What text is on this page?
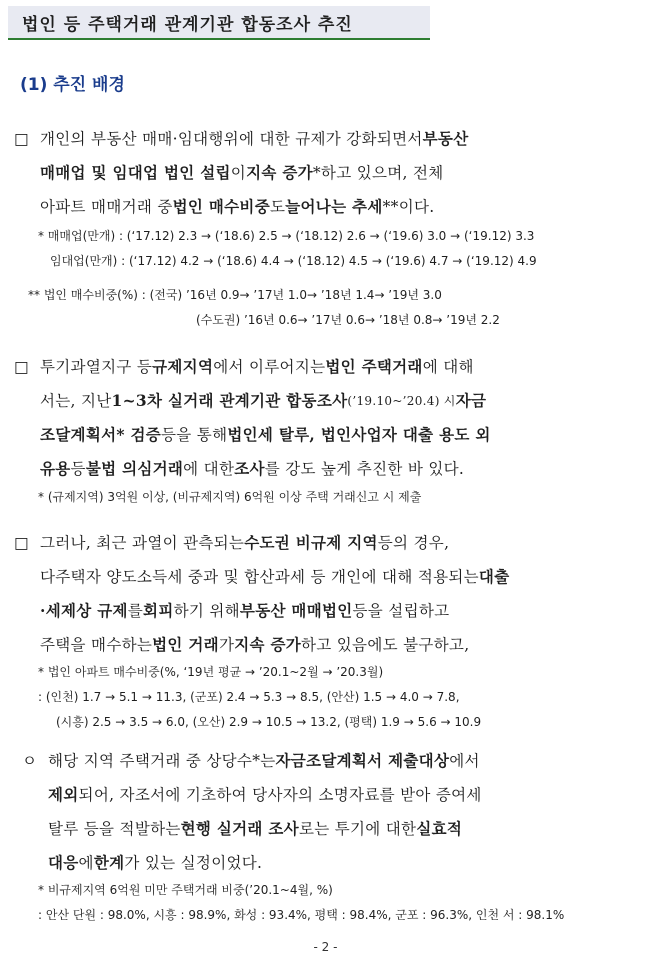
법인 등 주택거래 관계기관 합동조사 추진
(1) 추진 배경
□ 개인의 부동산 매매·임대행위에 대한 규제가 강화되면서 부동산
매매업 및 임대업 법인 설립 이 지속 증가 *하고 있으며, 전체
아파트 매매거래 중 법인 매수비중 도 늘어나는 추세 **이다.
* 매매업(만개) : (‘17.12) 2.3 → (‘18.6) 2.5 → (‘18.12) 2.6 → (‘19.6) 3.0 → (‘19.12) 3.3
임대업(만개) : (‘17.12) 4.2 → (‘18.6) 4.4 → (‘18.12) 4.5 → (‘19.6) 4.7 → (‘19.12) 4.9
** 법인 매수비중(%) : (전국) ’16년 0.9→ ’17년 1.0→ ’18년 1.4→ ’19년 3.0
(수도권) ’16년 0.6→ ’17년 0.6→ ’18년 0.8→ ’19년 2.2
□ 투기과열지구 등 규제지역 에서 이루어지는 법인 주택거래 에 대해
서는, 지난 1~3차 실거래 관계기관 합동조사 (’19.10~’20.4) 시 자금
조달계획서 * 검증 등을 통해 법인세 탈루, 법인사업자 대출 용도 외
유용 등 불법 의심거래 에 대한 조사 를 강도 높게 추진한 바 있다.
* (규제지역) 3억원 이상, (비규제지역) 6억원 이상 주택 거래신고 시 제출
□ 그러나, 최근 과열이 관측되는 수도권 비규제 지역 등의 경우,
다주택자 양도소득세 중과 및 합산과세 등 개인에 대해 적용되는 대출
·세제상 규제 를 회피 하기 위해 부동산 매매법인 등을 설립하고
주택을 매수하는 법인 거래 가 지속 증가 하고 있음에도 불구하고,
* 법인 아파트 매수비중(%, ‘19년 평균 → ’20.1~2월 → ’20.3월)
: (인천) 1.7 → 5.1 → 11.3, (군포) 2.4 → 5.3 → 8.5, (안산) 1.5 → 4.0 → 7.8,
(시흥) 2.5 → 3.5 → 6.0, (오산) 2.9 → 10.5 → 13.2, (평택) 1.9 → 5.6 → 10.9
ㅇ 해당 지역 주택거래 중 상당수 *는 자금조달계획서 제출대상 에서
제외 되어, 자조서에 기초하여 당사자의 소명자료를 받아 증여세
탈루 등을 적발하는 현행 실거래 조사 로는 투기에 대한 실효적
대응 에 한계 가 있는 실정이었다.
* 비규제지역 6억원 미만 주택거래 비중(’20.1~4월, %)
: 안산 단원 : 98.0%, 시흥 : 98.9%, 화성 : 93.4%, 평택 : 98.4%, 군포 : 96.3%, 인천 서 : 98.1%
- 2 -
